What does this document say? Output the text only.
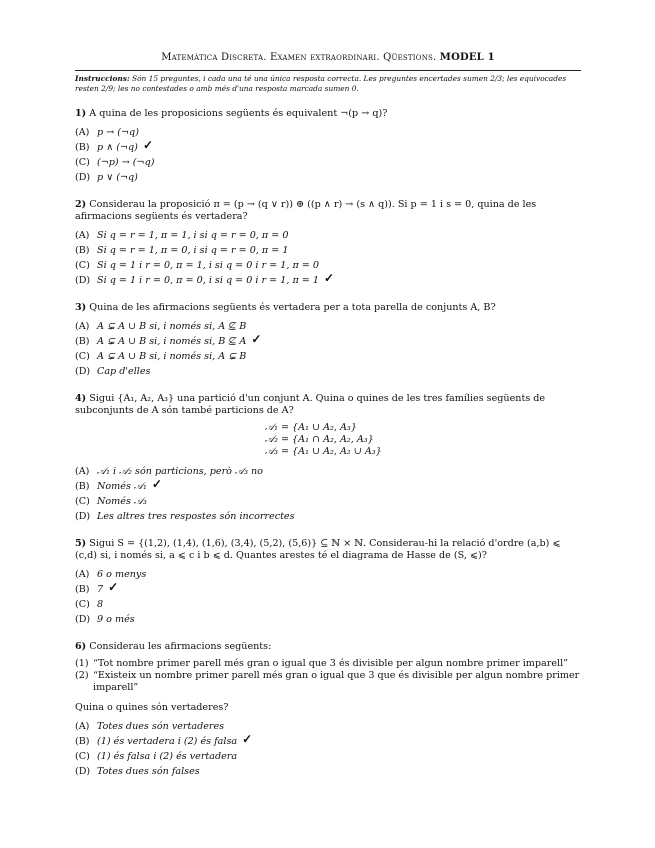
Matemàtica Discreta. Examen extraordinari. Qüestions. MODEL 1
Instruccions: Són 15 preguntes, i cada una té una única resposta correcta. Les preguntes encertades sumen 2/3; les equivocades resten 2/9; les no contestades o amb més d'una resposta marcada sumen 0.
1) A quina de les proposicions següents és equivalent ¬(p → q)?
(A) p → (¬q)
(B) p ∧ (¬q) ✓
(C) (¬p) → (¬q)
(D) p ∨ (¬q)
2) Considerau la proposició π = (p → (q ∨ r)) ⊕ ((p ∧ r) → (s ∧ q)). Si p = 1 i s = 0, quina de les afirmacions següents és vertadera?
(A) Si q = r = 1, π = 1, i si q = r = 0, π = 0
(B) Si q = r = 1, π = 0, i si q = r = 0, π = 1
(C) Si q = 1 i r = 0, π = 1, i si q = 0 i r = 1, π = 0
(D) Si q = 1 i r = 0, π = 0, i si q = 0 i r = 1, π = 1 ✓
3) Quina de les afirmacions següents és vertadera per a tota parella de conjunts A, B?
(A) A ⊊ A ∪ B si, i només si, A ⊈ B
(B) A ⊊ A ∪ B si, i només si, B ⊈ A ✓
(C) A ⊊ A ∪ B si, i només si, A ⊊ B
(D) Cap d'elles
4) Sigui {A₁, A₂, A₃} una partició d'un conjunt A. Quina o quines de les tres famílies següents de subconjunts de A són també particions de A?
𝒜₁ = {A₁ ∪ A₂, A₃}
𝒜₂ = {A₁ ∩ A₂, A₂, A₃}
𝒜₃ = {A₁ ∪ A₂, A₂ ∪ A₃}
(A) 𝒜₁ i 𝒜₂ són particions, però 𝒜₃ no
(B) Només 𝒜₁ ✓
(C) Només 𝒜₃
(D) Les altres tres respostes són incorrectes
5) Sigui S = {(1,2), (1,4), (1,6), (3,4), (5,2), (5,6)} ⊆ ℕ × ℕ. Considerau-hi la relació d'ordre (a,b) ⩽ (c,d) si, i només si, a ⩽ c i b ⩽ d. Quantes arestes té el diagrama de Hasse de (S, ⩽)?
(A) 6 o menys
(B) 7 ✓
(C) 8
(D) 9 o més
6) Considerau les afirmacions següents:
(1) “Tot nombre primer parell més gran o igual que 3 és divisible per algun nombre primer imparell”
(2) “Existeix un nombre primer parell més gran o igual que 3 que és divisible per algun nombre primer imparell”
Quina o quines són vertaderes?
(A) Totes dues són vertaderes
(B) (1) és vertadera i (2) és falsa ✓
(C) (1) és falsa i (2) és vertadera
(D) Totes dues són falses
